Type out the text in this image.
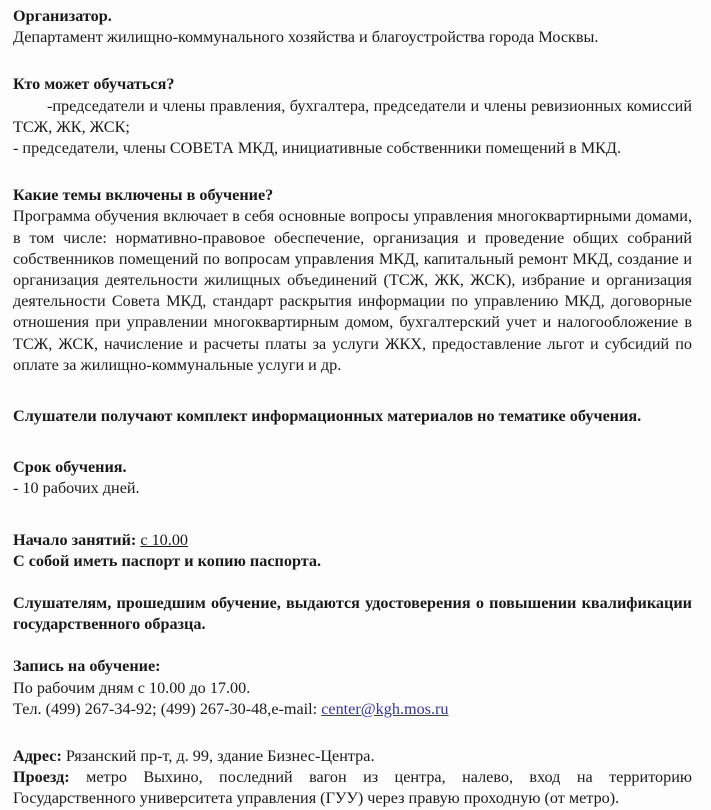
Организатор.

Департамент жилищно-коммунального хозяйства и благоустройства города Москвы.

Кто может обучаться?

-председатели и члены правления, бухгалтера, председатели и члены ревизионных комиссий ТСЖ, ЖК, ЖСК;

- председатели, члены СОВЕТА МКД, инициативные собственники помещений в МКД.

Какие темы включены в обучение?

Программа обучения включает в себя основные вопросы управления многоквартирными домами, в том числе: нормативно-правовое обеспечение, организация и проведение общих собраний собственников помещений по вопросам управления МКД, капитальный ремонт МКД, создание и организация деятельности жилищных объединений (ТСЖ, ЖК, ЖСК), избрание и организация деятельности Совета МКД, стандарт раскрытия информации по управлению МКД, договорные отношения при управлении многоквартирным домом, бухгалтерский учет и налогообложение в ТСЖ, ЖСК, начисление и расчеты платы за услуги ЖКХ, предоставление льгот и субсидий по оплате за жилищно-коммунальные услуги и др.

Слушатели получают комплект информационных материалов но тематике обучения.

Срок обучения.

- 10 рабочих дней.

Начало занятий: с 10.00

С собой иметь паспорт и копию паспорта.

Слушателям, прошедшим обучение, выдаются удостоверения о повышении квалификации государственного образца.

Запись на обучение:

По рабочим дням с 10.00 до 17.00.

Тел. (499) 267-34-92; (499) 267-30-48,e-mail: center@kgh.mos.ru

Адрес: Рязанский пр-т, д. 99, здание Бизнес-Центра.

Проезд: метро Выхино, последний вагон из центра, налево, вход на территорию Государственного университета управления (ГУУ) через правую проходную (от метро).
